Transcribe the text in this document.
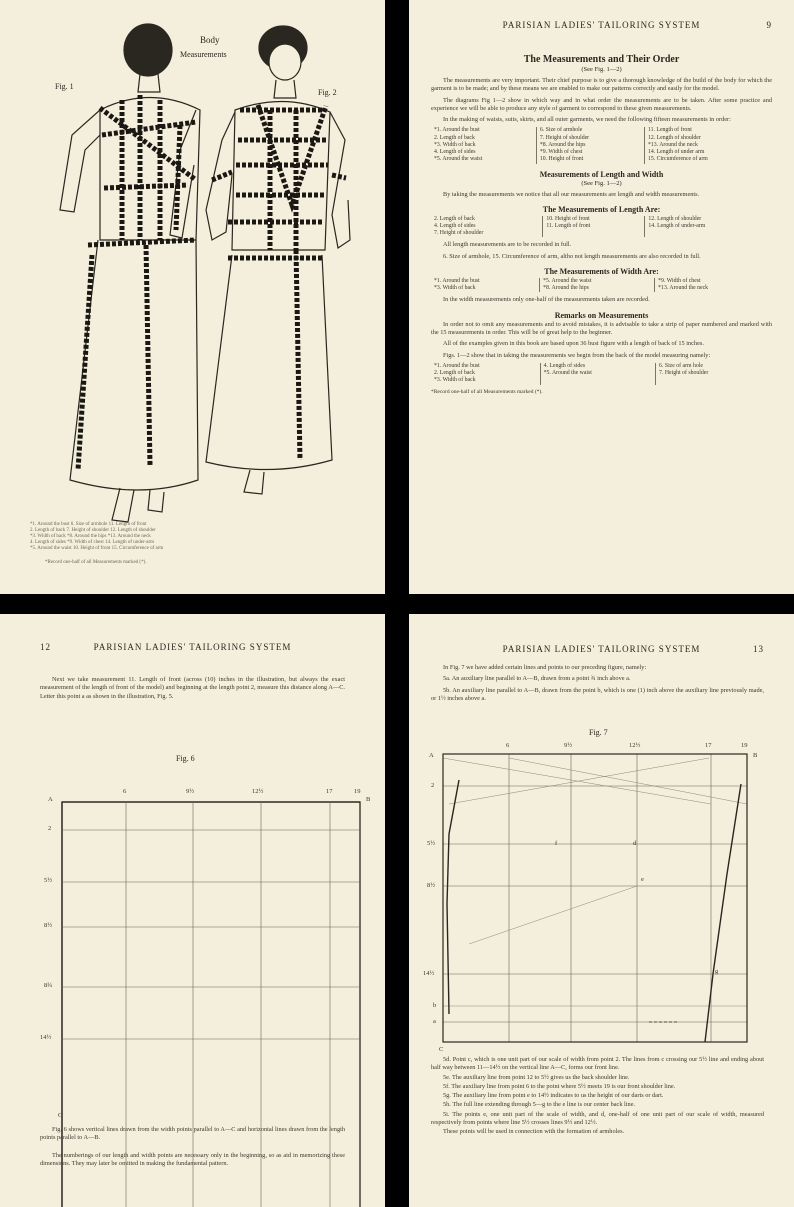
Body
Measurements
Fig. 1
Fig. 2
*1. Around the bust 6. Size of armhole 11. Length of front
2. Length of back 7. Height of shoulder 12. Length of shoulder
*3. Width of back *8. Around the hips *13. Around the neck
4. Length of sides *9. Width of chest 14. Length of under-arm
*5. Around the waist 10. Height of front 15. Circumference of arm
*Record one-half of all Measurements marked (*).
PARISIAN LADIES' TAILORING SYSTEM	9
The Measurements and Their Order
(See Fig. 1—2)

The measurements are very important. Their chief purpose is to give a thorough knowledge of the build of the body for which the garment is to be made; and by these means we are enabled to make our patterns correctly and easily for the model.

The diagrams Fig 1—2 show in which way and in what order the measurements are to be taken. After some practice and experience we will be able to produce any style of garment to correspond to these given measurements.

In the making of waists, suits, skirts, and all outer garments, we need the following fifteen measurements in order:

*1. Around the bust	6. Size of armhole	11. Length of front
2. Length of back	7. Height of shoulder	12. Length of shoulder
*3. Width of back	*8. Around the hips	*13. Around the neck
4. Length of sides	*9. Width of chest	14. Length of under arm
*5. Around the waist	10. Height of front	15. Circumference of arm
Measurements of Length and Width
(See Fig. 1—2)

By taking the measurements we notice that all our measurements are length and width measurements.

The Measurements of Length Are:
2. Length of back	10. Height of front	12. Length of shoulder
4. Length of sides	11. Length of front	14. Length of under-arm
7. Height of shoulder		

All length measurements are to be recorded in full.

6. Size of armhole, 15. Circumference of arm, altho not length measurements are also recorded in full.

The Measurements of Width Are:
*1. Around the bust	*5. Around the waist	*9. Width of chest
*3. Width of back	*8. Around the hips	*13. Around the neck

In the width measurements only one-half of the measurements taken are recorded.

Remarks on Measurements

In order not to omit any measurements and to avoid mistakes, it is advisable to take a strip of paper numbered and marked with the 15 measurements in order. This will be of great help to the beginner.

All of the examples given in this book are based upon 36 bust figure with a length of back of 15 inches.

Figs. 1—2 show that in taking the measurements we begin from the back of the model measuring namely:

*1. Around the bust	4. Length of sides	6. Size of arm hole
2. Length of back	*5. Around the waist	7. Height of shoulder
*3. Width of back		
*Record one-half of all Measurements marked (*).
12	PARISIAN LADIES' TAILORING SYSTEM

Next we take measurement 11. Length of front (across (10) inches in the illustration, but always the exact measurement of the length of front of the model) and beginning at the length point 2, measure this distance along A—C. Letter this point a as shown in the illustration, Fig. 5.

Fig. 6
A	B
C
6	9½	12½	17	19
2
5½
8½
8¾
14½

Fig. 6 shows vertical lines drawn from the width points parallel to A—C and horizontal lines drawn from the length points parallel to A—B.

The numberings of our length and width points are necessary only in the beginning, so as aid in memorizing these dimensions. They may later be omitted in making the fundamental pattern.

PARISIAN LADIES' TAILORING SYSTEM	13

In Fig. 7 we have added certain lines and points to our preceding figure, namely:

5a. An auxiliary line parallel to A—B, drawn from a point ¾ inch above a.

5b. An auxiliary line parallel to A—B, drawn from the point b, which is one (1) inch above the auxiliary line previously made, or 1½ inches above a.

Fig. 7
A	B
C
6	9½	12½	17	19
2
5½
8½
14½
b
a
f	d
e
g

5d. Point c, which is one unit part of our scale of width from point 2. The lines from c crossing our 5½ line and ending about half way between 11—14½ on the vertical line A—C, forms our front line.

5e. The auxiliary line from point 12 to 5½ gives us the back shoulder line.

5f. The auxiliary line from point 6 to the point where 5½ meets 19 is our front shoulder line.

5g. The auxiliary line from point e to 14½ indicates to us the height of our darts or dart.

5h. The full line extending through 5—g to the e line is our center back line.

5i. The points e, one unit part of the scale of width, and d, one-half of one unit part of our scale of width, measured respectively from points where line 5½ crosses lines 9½ and 12½.

These points will be used in connection with the formation of armholes.
